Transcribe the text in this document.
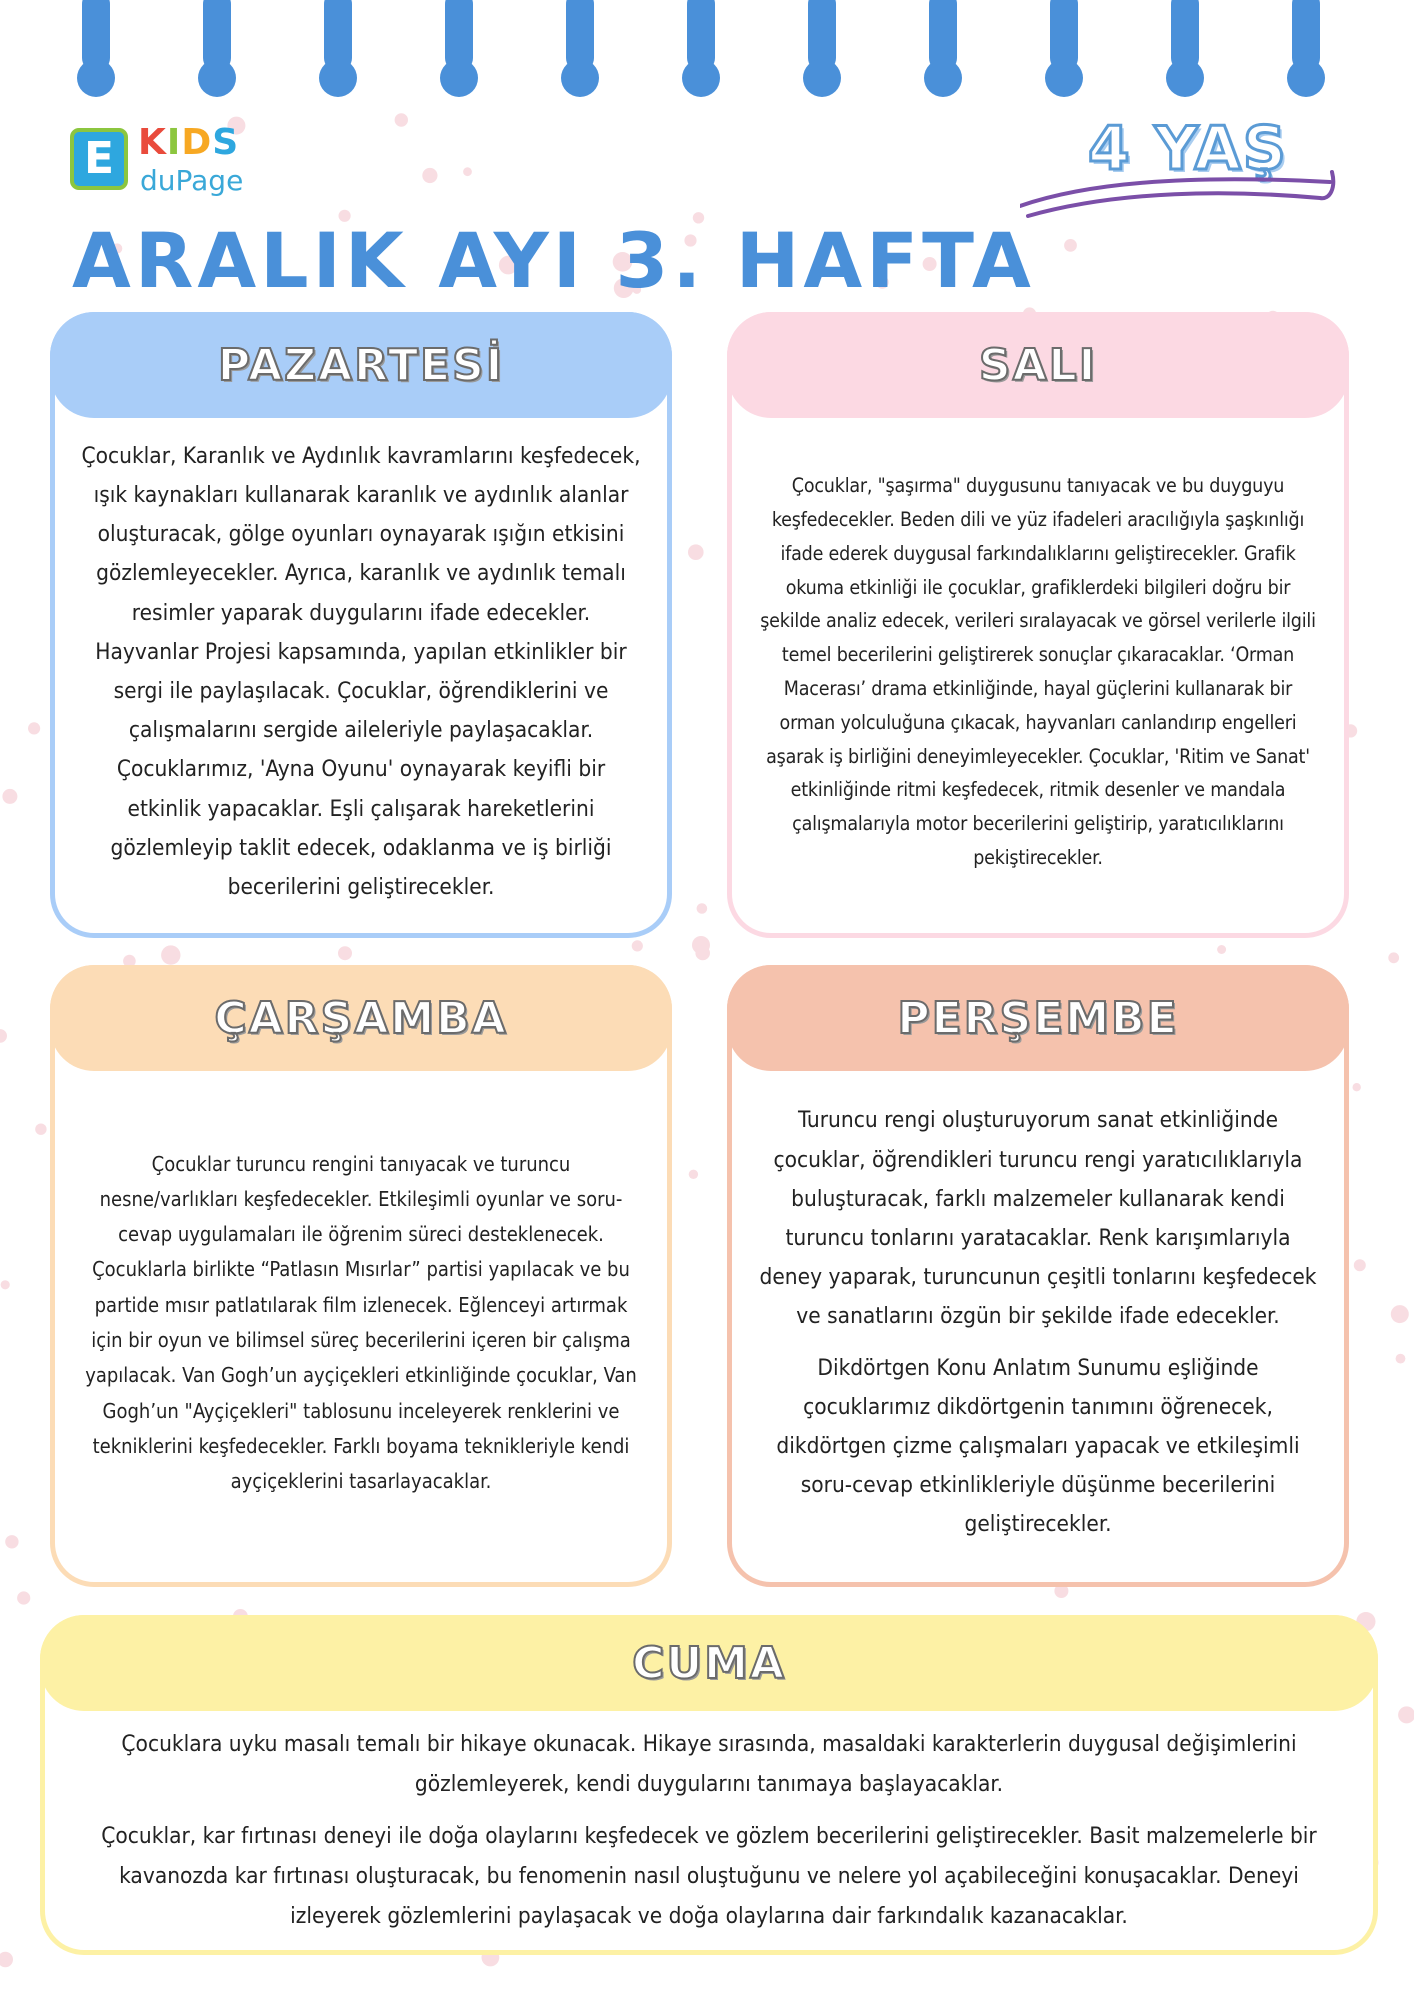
E KIDS
duPage	4 YAŞ
ARALIK AYI 3. HAFTA
PAZARTESİ

Çocuklar, Karanlık ve Aydınlık kavramlarını keşfedecek, ışık kaynakları kullanarak karanlık ve aydınlık alanlar oluşturacak, gölge oyunları oynayarak ışığın etkisini gözlemleyecekler. Ayrıca, karanlık ve aydınlık temalı resimler yaparak duygularını ifade edecekler. Hayvanlar Projesi kapsamında, yapılan etkinlikler bir sergi ile paylaşılacak. Çocuklar, öğrendiklerini ve çalışmalarını sergide aileleriyle paylaşacaklar. Çocuklarımız, 'Ayna Oyunu' oynayarak keyifli bir etkinlik yapacaklar. Eşli çalışarak hareketlerini gözlemleyip taklit edecek, odaklanma ve iş birliği becerilerini geliştirecekler.

SALI

Çocuklar, "şaşırma" duygusunu tanıyacak ve bu duyguyu keşfedecekler. Beden dili ve yüz ifadeleri aracılığıyla şaşkınlığı ifade ederek duygusal farkındalıklarını geliştirecekler. Grafik okuma etkinliği ile çocuklar, grafiklerdeki bilgileri doğru bir şekilde analiz edecek, verileri sıralayacak ve görsel verilerle ilgili temel becerilerini geliştirerek sonuçlar çıkaracaklar. ‘Orman Macerası’ drama etkinliğinde, hayal güçlerini kullanarak bir orman yolculuğuna çıkacak, hayvanları canlandırıp engelleri aşarak iş birliğini deneyimleyecekler. Çocuklar, 'Ritim ve Sanat' etkinliğinde ritmi keşfedecek, ritmik desenler ve mandala çalışmalarıyla motor becerilerini geliştirip, yaratıcılıklarını pekiştirecekler.

ÇARŞAMBA

Çocuklar turuncu rengini tanıyacak ve turuncu nesne/varlıkları keşfedecekler. Etkileşimli oyunlar ve soru-cevap uygulamaları ile öğrenim süreci desteklenecek. Çocuklarla birlikte “Patlasın Mısırlar” partisi yapılacak ve bu partide mısır patlatılarak film izlenecek. Eğlenceyi artırmak için bir oyun ve bilimsel süreç becerilerini içeren bir çalışma yapılacak. Van Gogh’un ayçiçekleri etkinliğinde çocuklar, Van Gogh’un "Ayçiçekleri" tablosunu inceleyerek renklerini ve tekniklerini keşfedecekler. Farklı boyama teknikleriyle kendi ayçiçeklerini tasarlayacaklar.

PERŞEMBE

Turuncu rengi oluşturuyorum sanat etkinliğinde çocuklar, öğrendikleri turuncu rengi yaratıcılıklarıyla buluşturacak, farklı malzemeler kullanarak kendi turuncu tonlarını yaratacaklar. Renk karışımlarıyla deney yaparak, turuncunun çeşitli tonlarını keşfedecek ve sanatlarını özgün bir şekilde ifade edecekler.

Dikdörtgen Konu Anlatım Sunumu eşliğinde çocuklarımız dikdörtgenin tanımını öğrenecek, dikdörtgen çizme çalışmaları yapacak ve etkileşimli soru-cevap etkinlikleriyle düşünme becerilerini geliştirecekler.

CUMA

Çocuklara uyku masalı temalı bir hikaye okunacak. Hikaye sırasında, masaldaki karakterlerin duygusal değişimlerini gözlemleyerek, kendi duygularını tanımaya başlayacaklar.

Çocuklar, kar fırtınası deneyi ile doğa olaylarını keşfedecek ve gözlem becerilerini geliştirecekler. Basit malzemelerle bir kavanozda kar fırtınası oluşturacak, bu fenomenin nasıl oluştuğunu ve nelere yol açabileceğini konuşacaklar. Deneyi izleyerek gözlemlerini paylaşacak ve doğa olaylarına dair farkındalık kazanacaklar.
